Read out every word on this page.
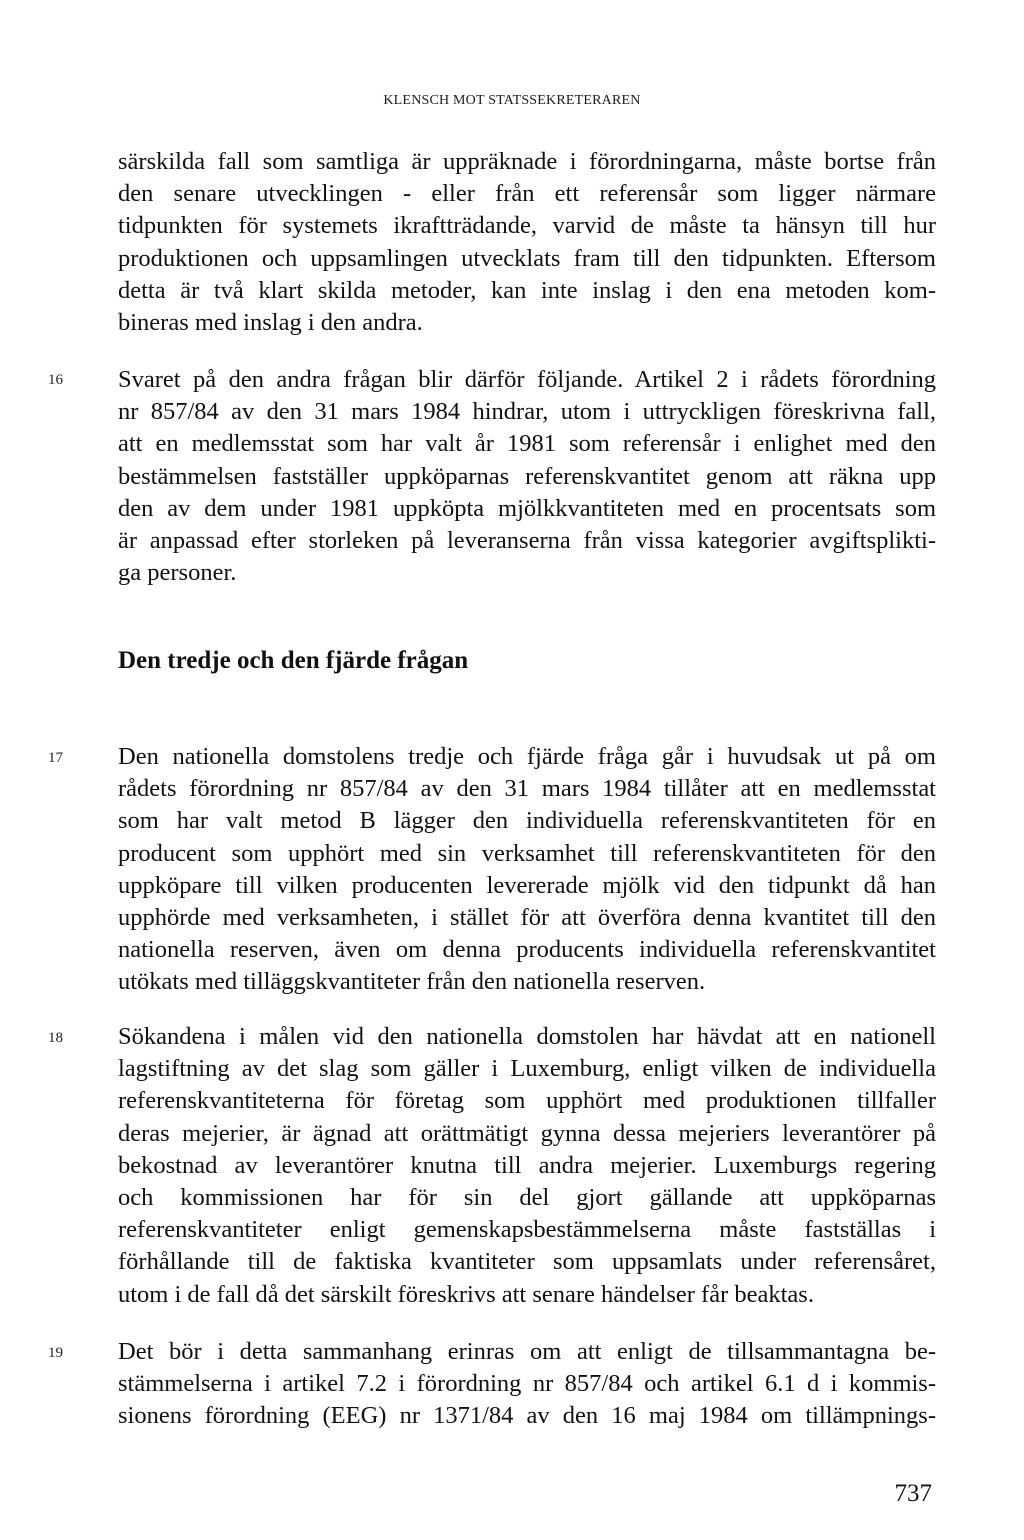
KLENSCH MOT STATSSEKRETERAREN
särskilda fall som samtliga är uppräknade i förordningarna, måste bortse från
den senare utvecklingen - eller från ett referensår som ligger närmare
tidpunkten för systemets ikraftträdande, varvid de måste ta hänsyn till hur
produktionen och uppsamlingen utvecklats fram till den tidpunkten. Eftersom
detta är två klart skilda metoder, kan inte inslag i den ena metoden kom-
bineras med inslag i den andra.
16 Svaret på den andra frågan blir därför följande. Artikel 2 i rådets förordning
nr 857/84 av den 31 mars 1984 hindrar, utom i uttryckligen föreskrivna fall,
att en medlemsstat som har valt år 1981 som referensår i enlighet med den
bestämmelsen fastställer uppköparnas referenskvantitet genom att räkna upp
den av dem under 1981 uppköpta mjölkkvantiteten med en procentsats som
är anpassad efter storleken på leveranserna från vissa kategorier avgiftsplikti-
ga personer.
Den tredje och den fjärde frågan
17 Den nationella domstolens tredje och fjärde fråga går i huvudsak ut på om
rådets förordning nr 857/84 av den 31 mars 1984 tillåter att en medlemsstat
som har valt metod B lägger den individuella referenskvantiteten för en
producent som upphört med sin verksamhet till referenskvantiteten för den
uppköpare till vilken producenten levererade mjölk vid den tidpunkt då han
upphörde med verksamheten, i stället för att överföra denna kvantitet till den
nationella reserven, även om denna producents individuella referenskvantitet
utökats med tilläggskvantiteter från den nationella reserven.
18 Sökandena i målen vid den nationella domstolen har hävdat att en nationell
lagstiftning av det slag som gäller i Luxemburg, enligt vilken de individuella
referenskvantiteterna för företag som upphört med produktionen tillfaller
deras mejerier, är ägnad att orättmätigt gynna dessa mejeriers leverantörer på
bekostnad av leverantörer knutna till andra mejerier. Luxemburgs regering
och kommissionen har för sin del gjort gällande att uppköparnas
referenskvantiteter enligt gemenskapsbestämmelserna måste fastställas i
förhållande till de faktiska kvantiteter som uppsamlats under referensåret,
utom i de fall då det särskilt föreskrivs att senare händelser får beaktas.
19 Det bör i detta sammanhang erinras om att enligt de tillsammantagna be-
stämmelserna i artikel 7.2 i förordning nr 857/84 och artikel 6.1 d i kommis-
sionens förordning (EEG) nr 1371/84 av den 16 maj 1984 om tillämpnings-
737
